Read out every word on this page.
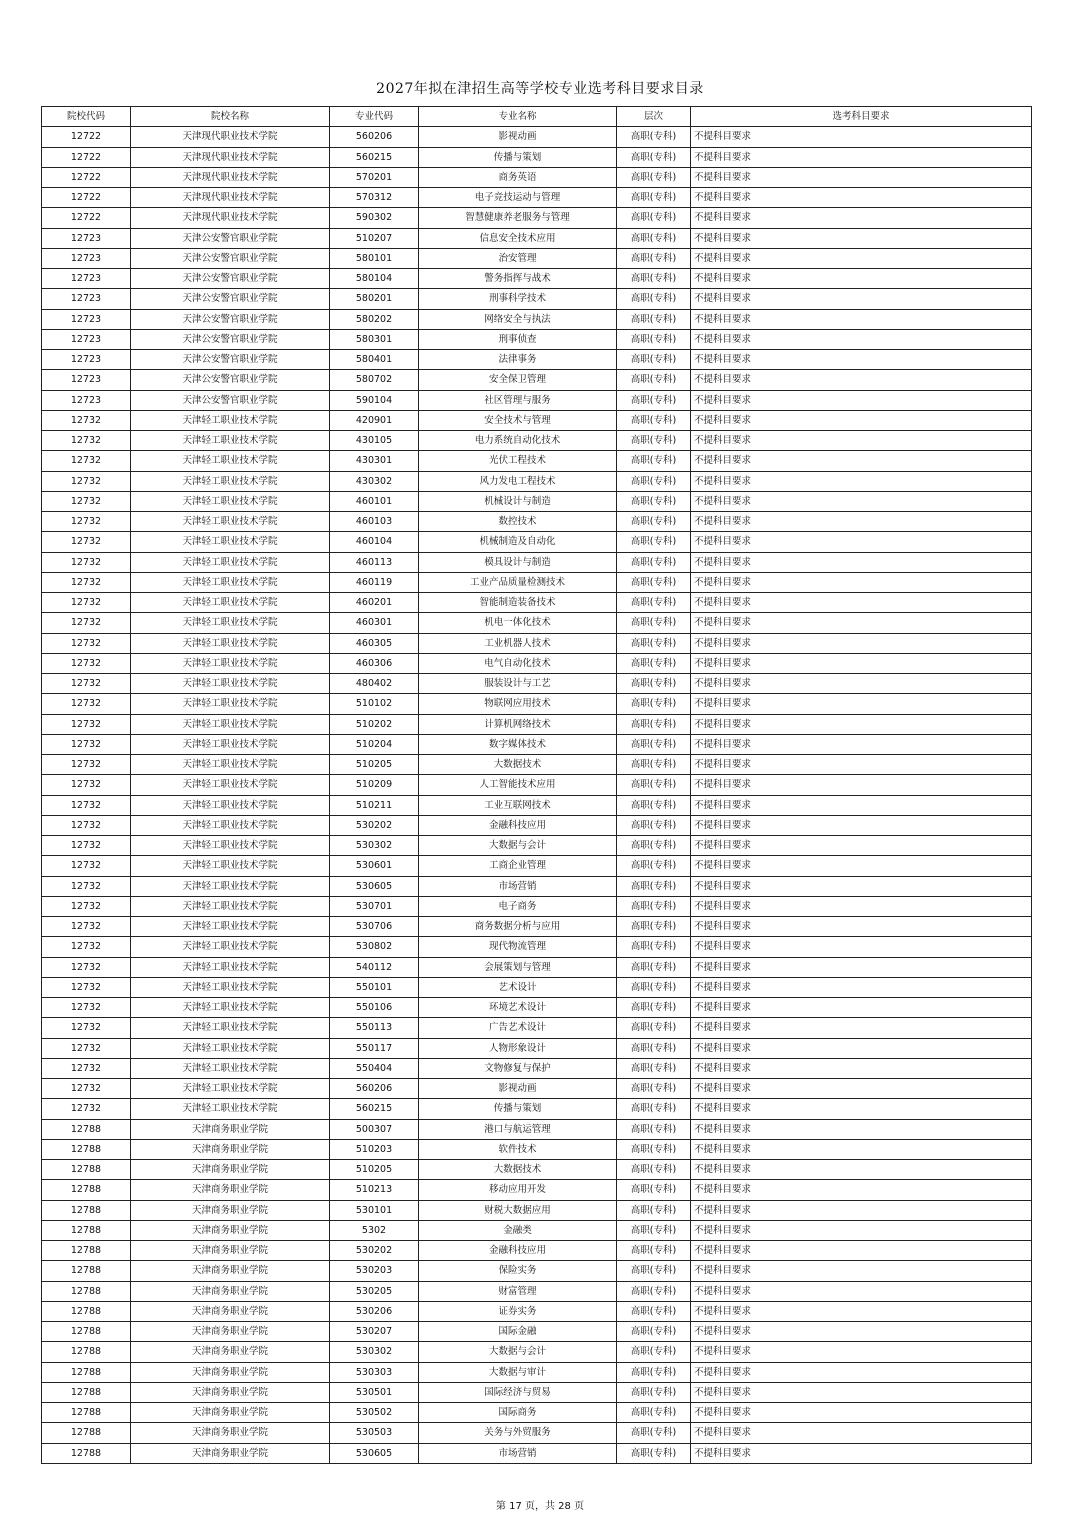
2027年拟在津招生高等学校专业选考科目要求目录
院校代码	院校名称	专业代码	专业名称	层次	选考科目要求
12722	天津现代职业技术学院	560206	影视动画	高职(专科)	不提科目要求
12722	天津现代职业技术学院	560215	传播与策划	高职(专科)	不提科目要求
12722	天津现代职业技术学院	570201	商务英语	高职(专科)	不提科目要求
12722	天津现代职业技术学院	570312	电子竞技运动与管理	高职(专科)	不提科目要求
12722	天津现代职业技术学院	590302	智慧健康养老服务与管理	高职(专科)	不提科目要求
12723	天津公安警官职业学院	510207	信息安全技术应用	高职(专科)	不提科目要求
12723	天津公安警官职业学院	580101	治安管理	高职(专科)	不提科目要求
12723	天津公安警官职业学院	580104	警务指挥与战术	高职(专科)	不提科目要求
12723	天津公安警官职业学院	580201	刑事科学技术	高职(专科)	不提科目要求
12723	天津公安警官职业学院	580202	网络安全与执法	高职(专科)	不提科目要求
12723	天津公安警官职业学院	580301	刑事侦查	高职(专科)	不提科目要求
12723	天津公安警官职业学院	580401	法律事务	高职(专科)	不提科目要求
12723	天津公安警官职业学院	580702	安全保卫管理	高职(专科)	不提科目要求
12723	天津公安警官职业学院	590104	社区管理与服务	高职(专科)	不提科目要求
12732	天津轻工职业技术学院	420901	安全技术与管理	高职(专科)	不提科目要求
12732	天津轻工职业技术学院	430105	电力系统自动化技术	高职(专科)	不提科目要求
12732	天津轻工职业技术学院	430301	光伏工程技术	高职(专科)	不提科目要求
12732	天津轻工职业技术学院	430302	风力发电工程技术	高职(专科)	不提科目要求
12732	天津轻工职业技术学院	460101	机械设计与制造	高职(专科)	不提科目要求
12732	天津轻工职业技术学院	460103	数控技术	高职(专科)	不提科目要求
12732	天津轻工职业技术学院	460104	机械制造及自动化	高职(专科)	不提科目要求
12732	天津轻工职业技术学院	460113	模具设计与制造	高职(专科)	不提科目要求
12732	天津轻工职业技术学院	460119	工业产品质量检测技术	高职(专科)	不提科目要求
12732	天津轻工职业技术学院	460201	智能制造装备技术	高职(专科)	不提科目要求
12732	天津轻工职业技术学院	460301	机电一体化技术	高职(专科)	不提科目要求
12732	天津轻工职业技术学院	460305	工业机器人技术	高职(专科)	不提科目要求
12732	天津轻工职业技术学院	460306	电气自动化技术	高职(专科)	不提科目要求
12732	天津轻工职业技术学院	480402	服装设计与工艺	高职(专科)	不提科目要求
12732	天津轻工职业技术学院	510102	物联网应用技术	高职(专科)	不提科目要求
12732	天津轻工职业技术学院	510202	计算机网络技术	高职(专科)	不提科目要求
12732	天津轻工职业技术学院	510204	数字媒体技术	高职(专科)	不提科目要求
12732	天津轻工职业技术学院	510205	大数据技术	高职(专科)	不提科目要求
12732	天津轻工职业技术学院	510209	人工智能技术应用	高职(专科)	不提科目要求
12732	天津轻工职业技术学院	510211	工业互联网技术	高职(专科)	不提科目要求
12732	天津轻工职业技术学院	530202	金融科技应用	高职(专科)	不提科目要求
12732	天津轻工职业技术学院	530302	大数据与会计	高职(专科)	不提科目要求
12732	天津轻工职业技术学院	530601	工商企业管理	高职(专科)	不提科目要求
12732	天津轻工职业技术学院	530605	市场营销	高职(专科)	不提科目要求
12732	天津轻工职业技术学院	530701	电子商务	高职(专科)	不提科目要求
12732	天津轻工职业技术学院	530706	商务数据分析与应用	高职(专科)	不提科目要求
12732	天津轻工职业技术学院	530802	现代物流管理	高职(专科)	不提科目要求
12732	天津轻工职业技术学院	540112	会展策划与管理	高职(专科)	不提科目要求
12732	天津轻工职业技术学院	550101	艺术设计	高职(专科)	不提科目要求
12732	天津轻工职业技术学院	550106	环境艺术设计	高职(专科)	不提科目要求
12732	天津轻工职业技术学院	550113	广告艺术设计	高职(专科)	不提科目要求
12732	天津轻工职业技术学院	550117	人物形象设计	高职(专科)	不提科目要求
12732	天津轻工职业技术学院	550404	文物修复与保护	高职(专科)	不提科目要求
12732	天津轻工职业技术学院	560206	影视动画	高职(专科)	不提科目要求
12732	天津轻工职业技术学院	560215	传播与策划	高职(专科)	不提科目要求
12788	天津商务职业学院	500307	港口与航运管理	高职(专科)	不提科目要求
12788	天津商务职业学院	510203	软件技术	高职(专科)	不提科目要求
12788	天津商务职业学院	510205	大数据技术	高职(专科)	不提科目要求
12788	天津商务职业学院	510213	移动应用开发	高职(专科)	不提科目要求
12788	天津商务职业学院	530101	财税大数据应用	高职(专科)	不提科目要求
12788	天津商务职业学院	5302	金融类	高职(专科)	不提科目要求
12788	天津商务职业学院	530202	金融科技应用	高职(专科)	不提科目要求
12788	天津商务职业学院	530203	保险实务	高职(专科)	不提科目要求
12788	天津商务职业学院	530205	财富管理	高职(专科)	不提科目要求
12788	天津商务职业学院	530206	证券实务	高职(专科)	不提科目要求
12788	天津商务职业学院	530207	国际金融	高职(专科)	不提科目要求
12788	天津商务职业学院	530302	大数据与会计	高职(专科)	不提科目要求
12788	天津商务职业学院	530303	大数据与审计	高职(专科)	不提科目要求
12788	天津商务职业学院	530501	国际经济与贸易	高职(专科)	不提科目要求
12788	天津商务职业学院	530502	国际商务	高职(专科)	不提科目要求
12788	天津商务职业学院	530503	关务与外贸服务	高职(专科)	不提科目要求
12788	天津商务职业学院	530605	市场营销	高职(专科)	不提科目要求
第 17 页，共 28 页
